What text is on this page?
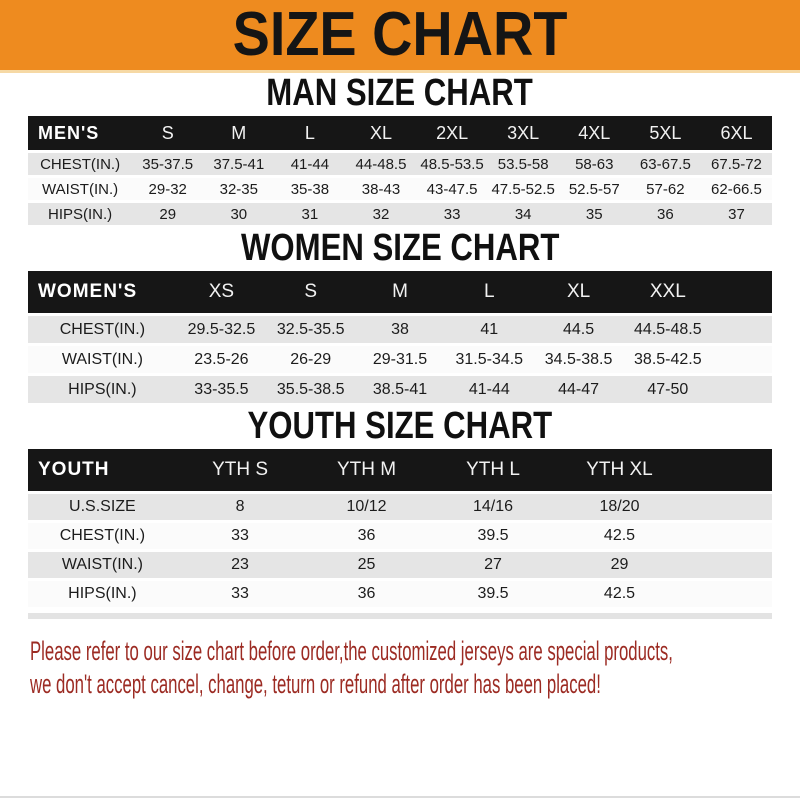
SIZE CHART
MAN SIZE CHART
MEN'S	S	M	L	XL	2XL	3XL	4XL	5XL	6XL
CHEST(IN.)	35-37.5	37.5-41	41-44	44-48.5	48.5-53.5	53.5-58	58-63	63-67.5	67.5-72
WAIST(IN.)	29-32	32-35	35-38	38-43	43-47.5	47.5-52.5	52.5-57	57-62	62-66.5
HIPS(IN.)	29	30	31	32	33	34	35	36	37
WOMEN SIZE CHART
WOMEN'S	XS	S	M	L	XL	XXL	
CHEST(IN.)	29.5-32.5	32.5-35.5	38	41	44.5	44.5-48.5	
WAIST(IN.)	23.5-26	26-29	29-31.5	31.5-34.5	34.5-38.5	38.5-42.5	
HIPS(IN.)	33-35.5	35.5-38.5	38.5-41	41-44	44-47	47-50	
YOUTH SIZE CHART
YOUTH	YTH S	YTH M	YTH L	YTH XL	
U.S.SIZE	8	10/12	14/16	18/20	
CHEST(IN.)	33	36	39.5	42.5	
WAIST(IN.)	23	25	27	29	
HIPS(IN.)	33	36	39.5	42.5	

Please refer to our size chart before order,the customized jerseys are special products,

we don't accept cancel, change, teturn or refund after order has been placed!
